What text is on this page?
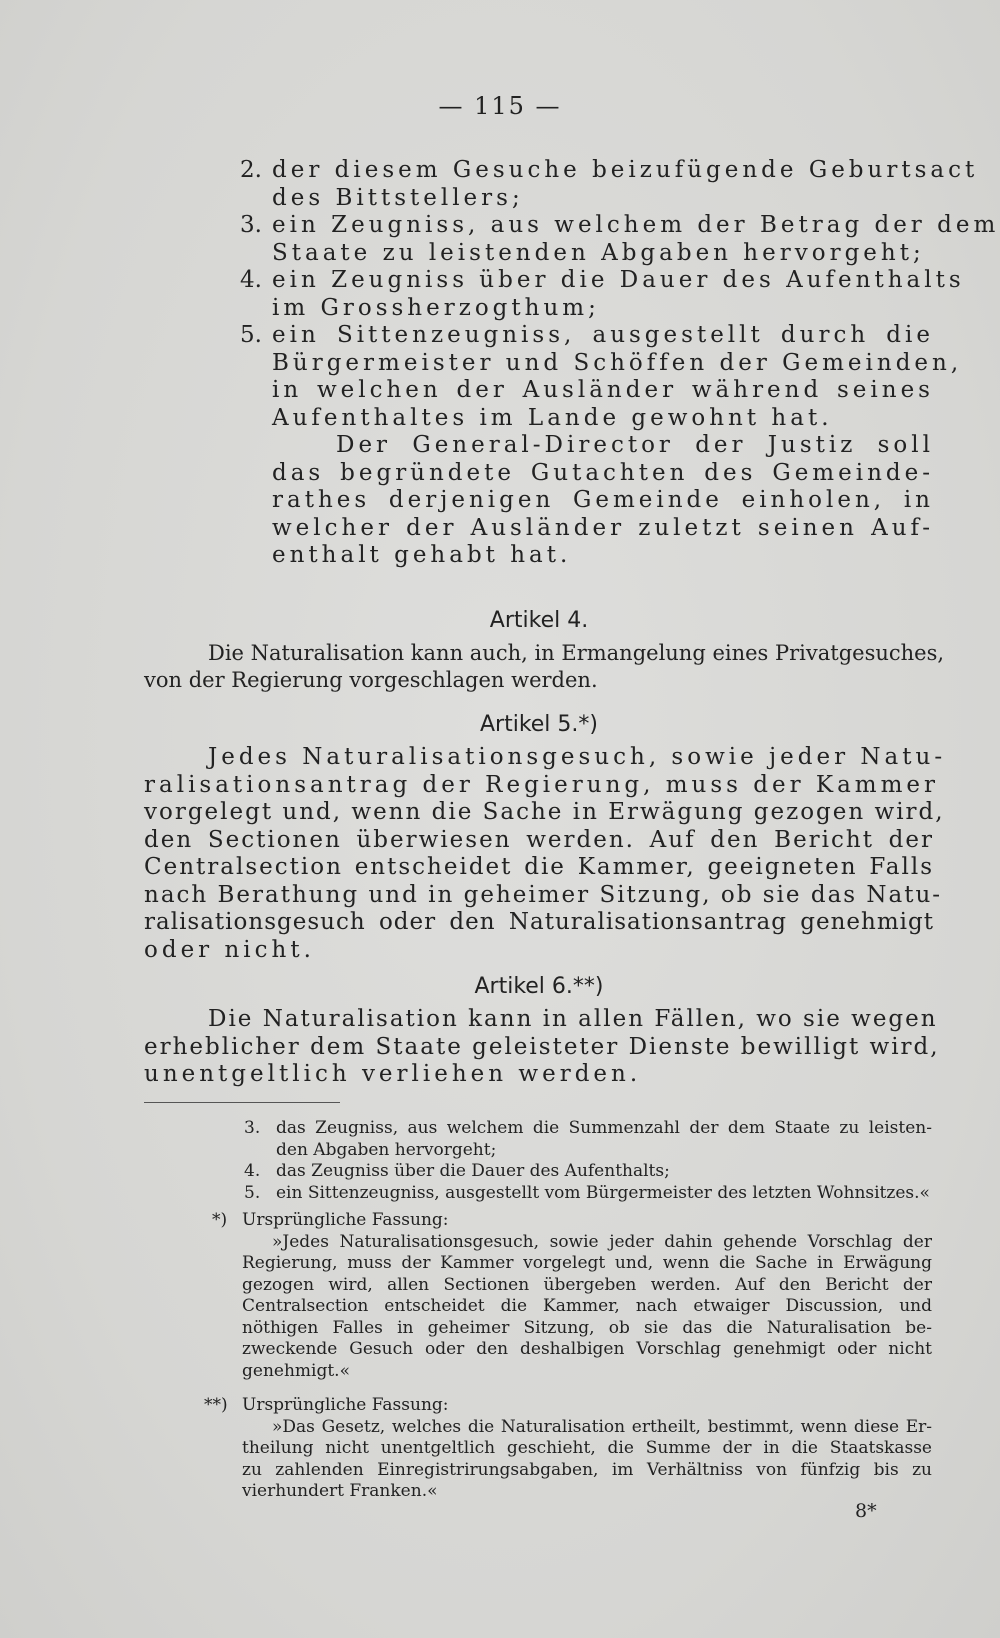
— 115 —
2. der diesem Gesuche beizufügende Geburtsact
des Bittstellers;
3. ein Zeugniss, aus welchem der Betrag der dem
Staate zu leistenden Abgaben hervorgeht;
4. ein Zeugniss über die Dauer des Aufenthalts
im Grossherzogthum;
5. ein Sittenzeugniss, ausgestellt durch die
Bürgermeister und Schöffen der Gemeinden,
in welchen der Ausländer während seines
Aufenthaltes im Lande gewohnt hat.
Der General-Director der Justiz soll
das begründete Gutachten des Gemeinde-
rathes derjenigen Gemeinde einholen, in
welcher der Ausländer zuletzt seinen Auf-
enthalt gehabt hat.
Artikel 4.
Die Naturalisation kann auch, in Ermangelung eines Privatgesuches,
von der Regierung vorgeschlagen werden.
Artikel 5.*)
Jedes Naturalisationsgesuch, sowie jeder Natu-
ralisationsantrag der Regierung, muss der Kammer
vorgelegt und, wenn die Sache in Erwägung gezogen wird,
den Sectionen überwiesen werden. Auf den Bericht der
Centralsection entscheidet die Kammer, geeigneten Falls
nach Berathung und in geheimer Sitzung, ob sie das Natu-
ralisationsgesuch oder den Naturalisationsantrag genehmigt
oder nicht.
Artikel 6.**)
Die Naturalisation kann in allen Fällen, wo sie wegen
erheblicher dem Staate geleisteter Dienste bewilligt wird,
unentgeltlich verliehen werden.
3. das Zeugniss, aus welchem die Summenzahl der dem Staate zu leisten-
den Abgaben hervorgeht;
4. das Zeugniss über die Dauer des Aufenthalts;
5. ein Sittenzeugniss, ausgestellt vom Bürgermeister des letzten Wohnsitzes.«
*) Ursprüngliche Fassung:
»Jedes Naturalisationsgesuch, sowie jeder dahin gehende Vorschlag der
Regierung, muss der Kammer vorgelegt und, wenn die Sache in Erwägung
gezogen wird, allen Sectionen übergeben werden. Auf den Bericht der
Centralsection entscheidet die Kammer, nach etwaiger Discussion, und
nöthigen Falles in geheimer Sitzung, ob sie das die Naturalisation be-
zweckende Gesuch oder den deshalbigen Vorschlag genehmigt oder nicht
genehmigt.«
**) Ursprüngliche Fassung:
»Das Gesetz, welches die Naturalisation ertheilt, bestimmt, wenn diese Er-
theilung nicht unentgeltlich geschieht, die Summe der in die Staatskasse
zu zahlenden Einregistrirungsabgaben, im Verhältniss von fünfzig bis zu
vierhundert Franken.«
8*
